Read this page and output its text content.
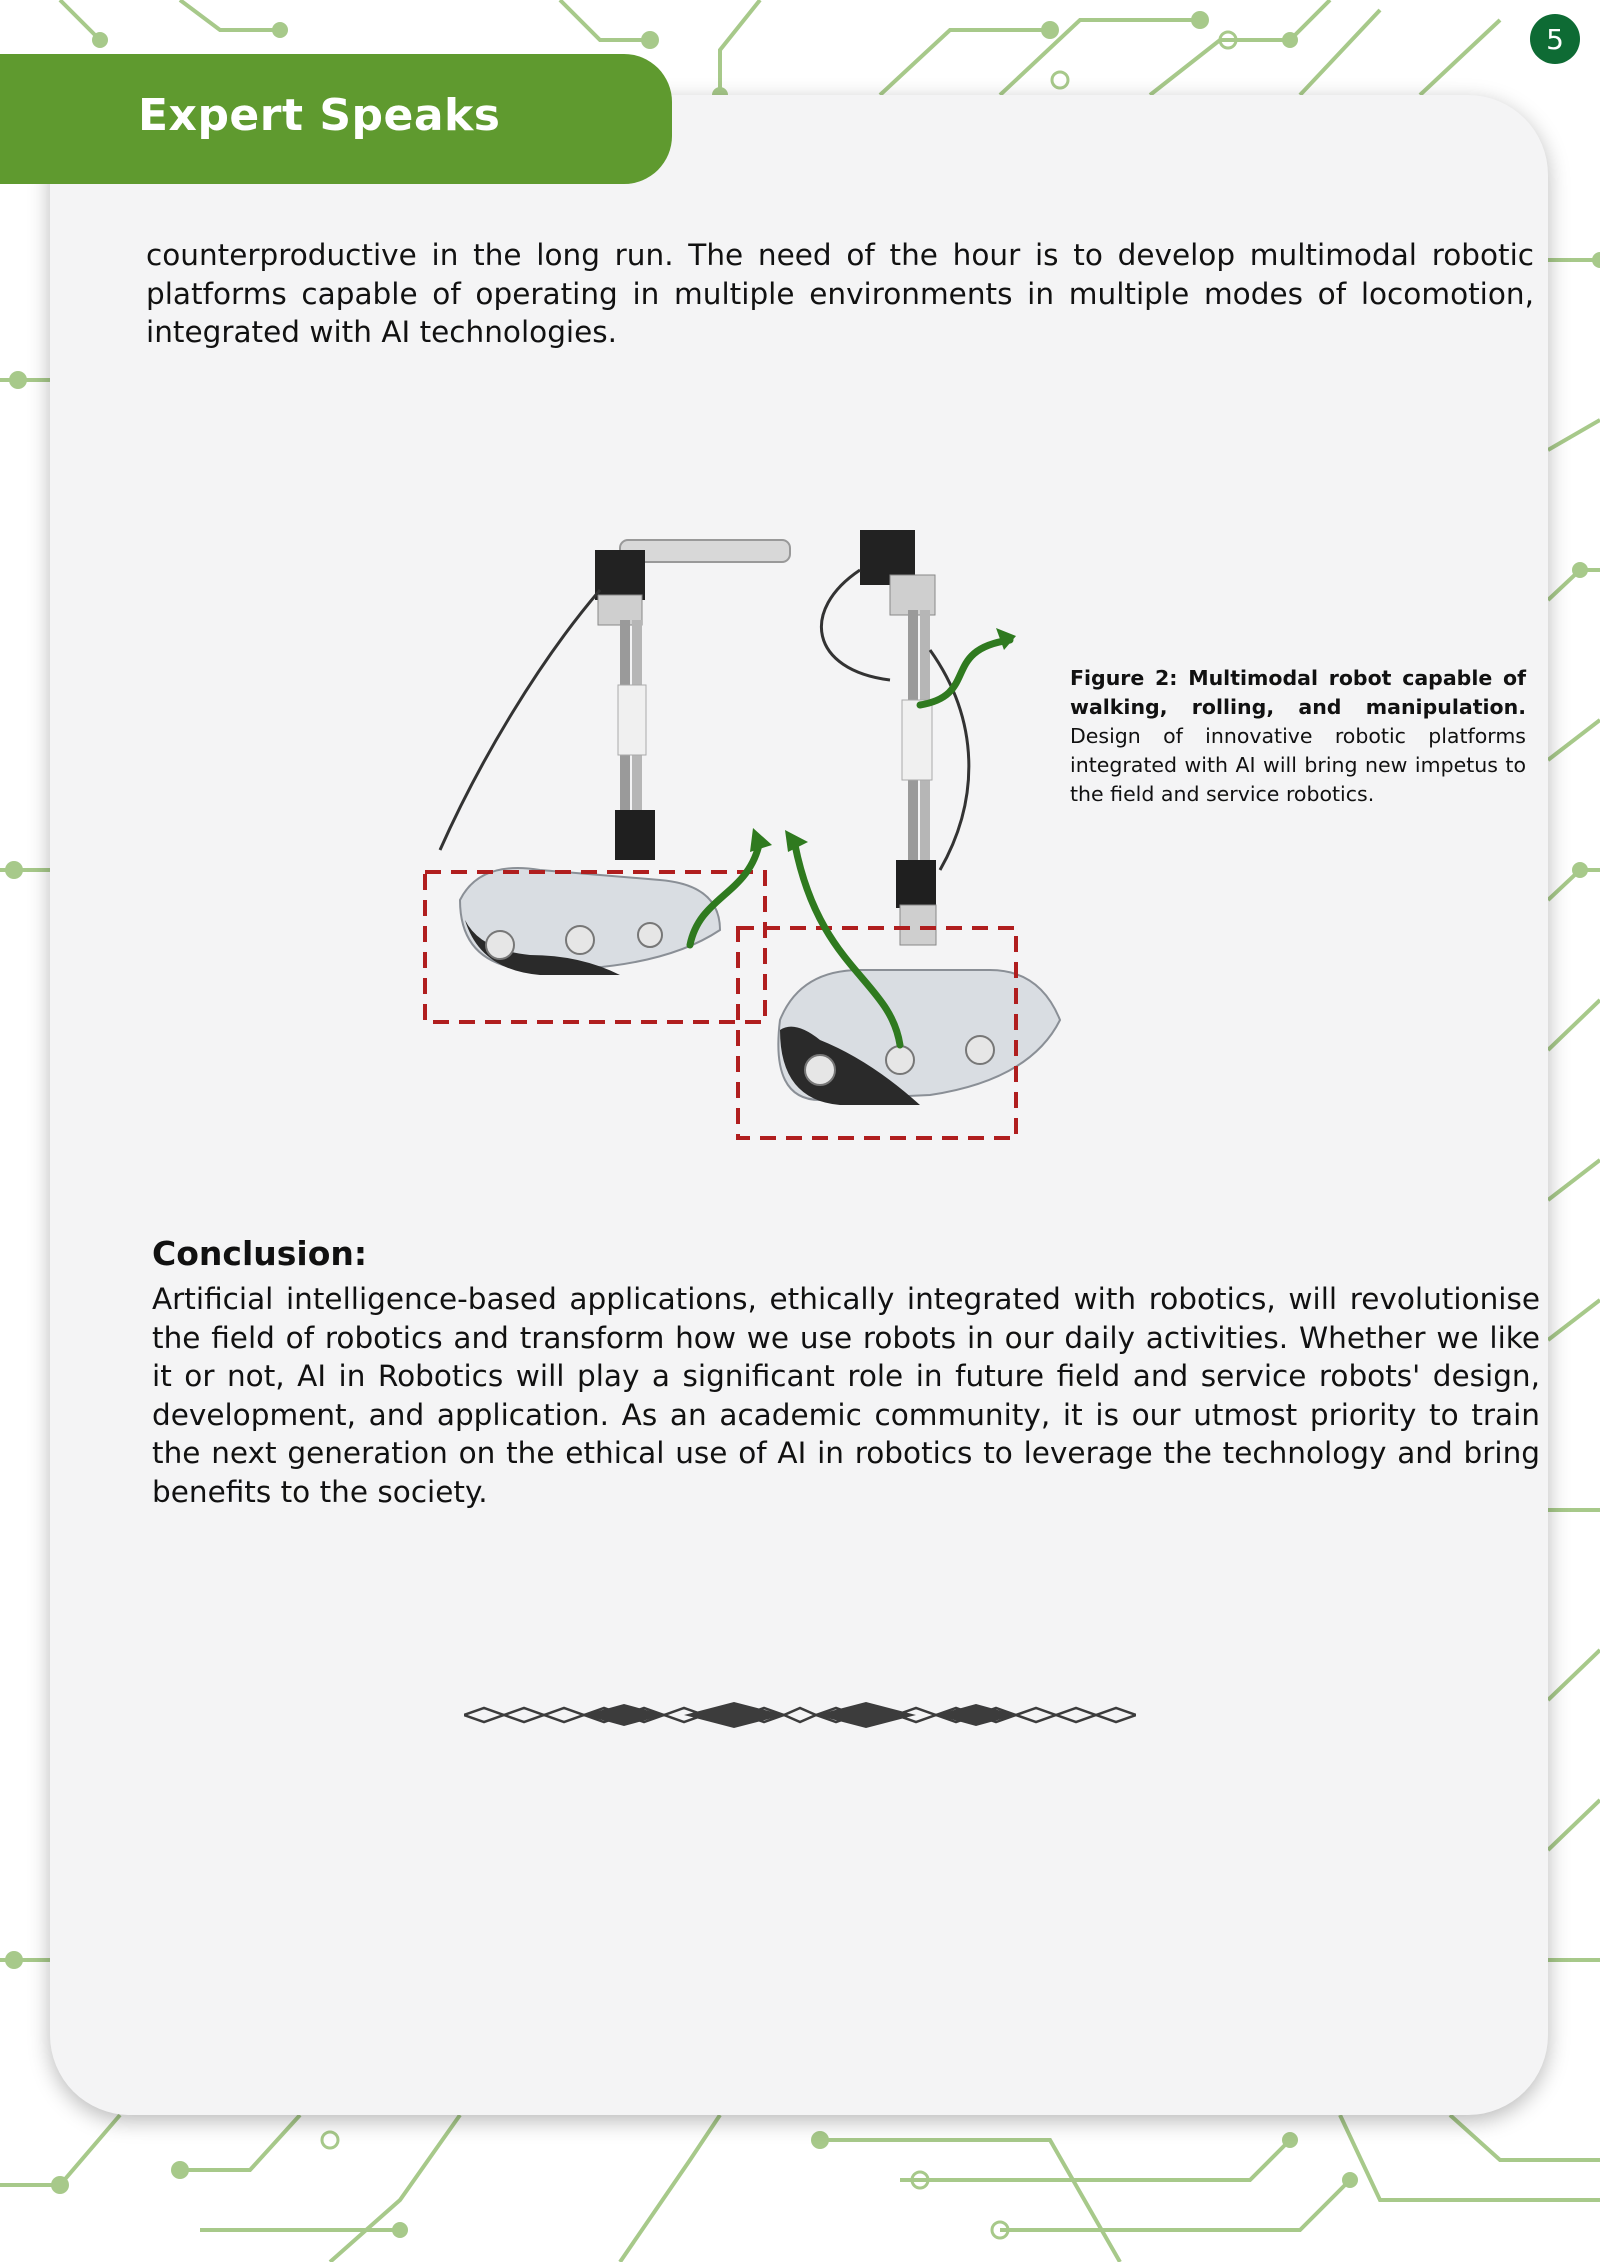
Expert Speaks
5

counterproductive in the long run. The need of the hour is to develop multimodal robotic platforms capable of operating in multiple environments in multiple modes of locomotion, integrated with AI technologies.

Figure 2: Multimodal robot capable of walking, rolling, and manipulation. Design of innovative robotic platforms integrated with AI will bring new impetus to the field and service robotics.

Conclusion:

Artificial intelligence-based applications, ethically integrated with robotics, will revolutionise the field of robotics and transform how we use robots in our daily activities. Whether we like it or not, AI in Robotics will play a significant role in future field and service robots' design, development, and application. As an academic community, it is our utmost priority to train the next generation on the ethical use of AI in robotics to leverage the technology and bring benefits to the society.
